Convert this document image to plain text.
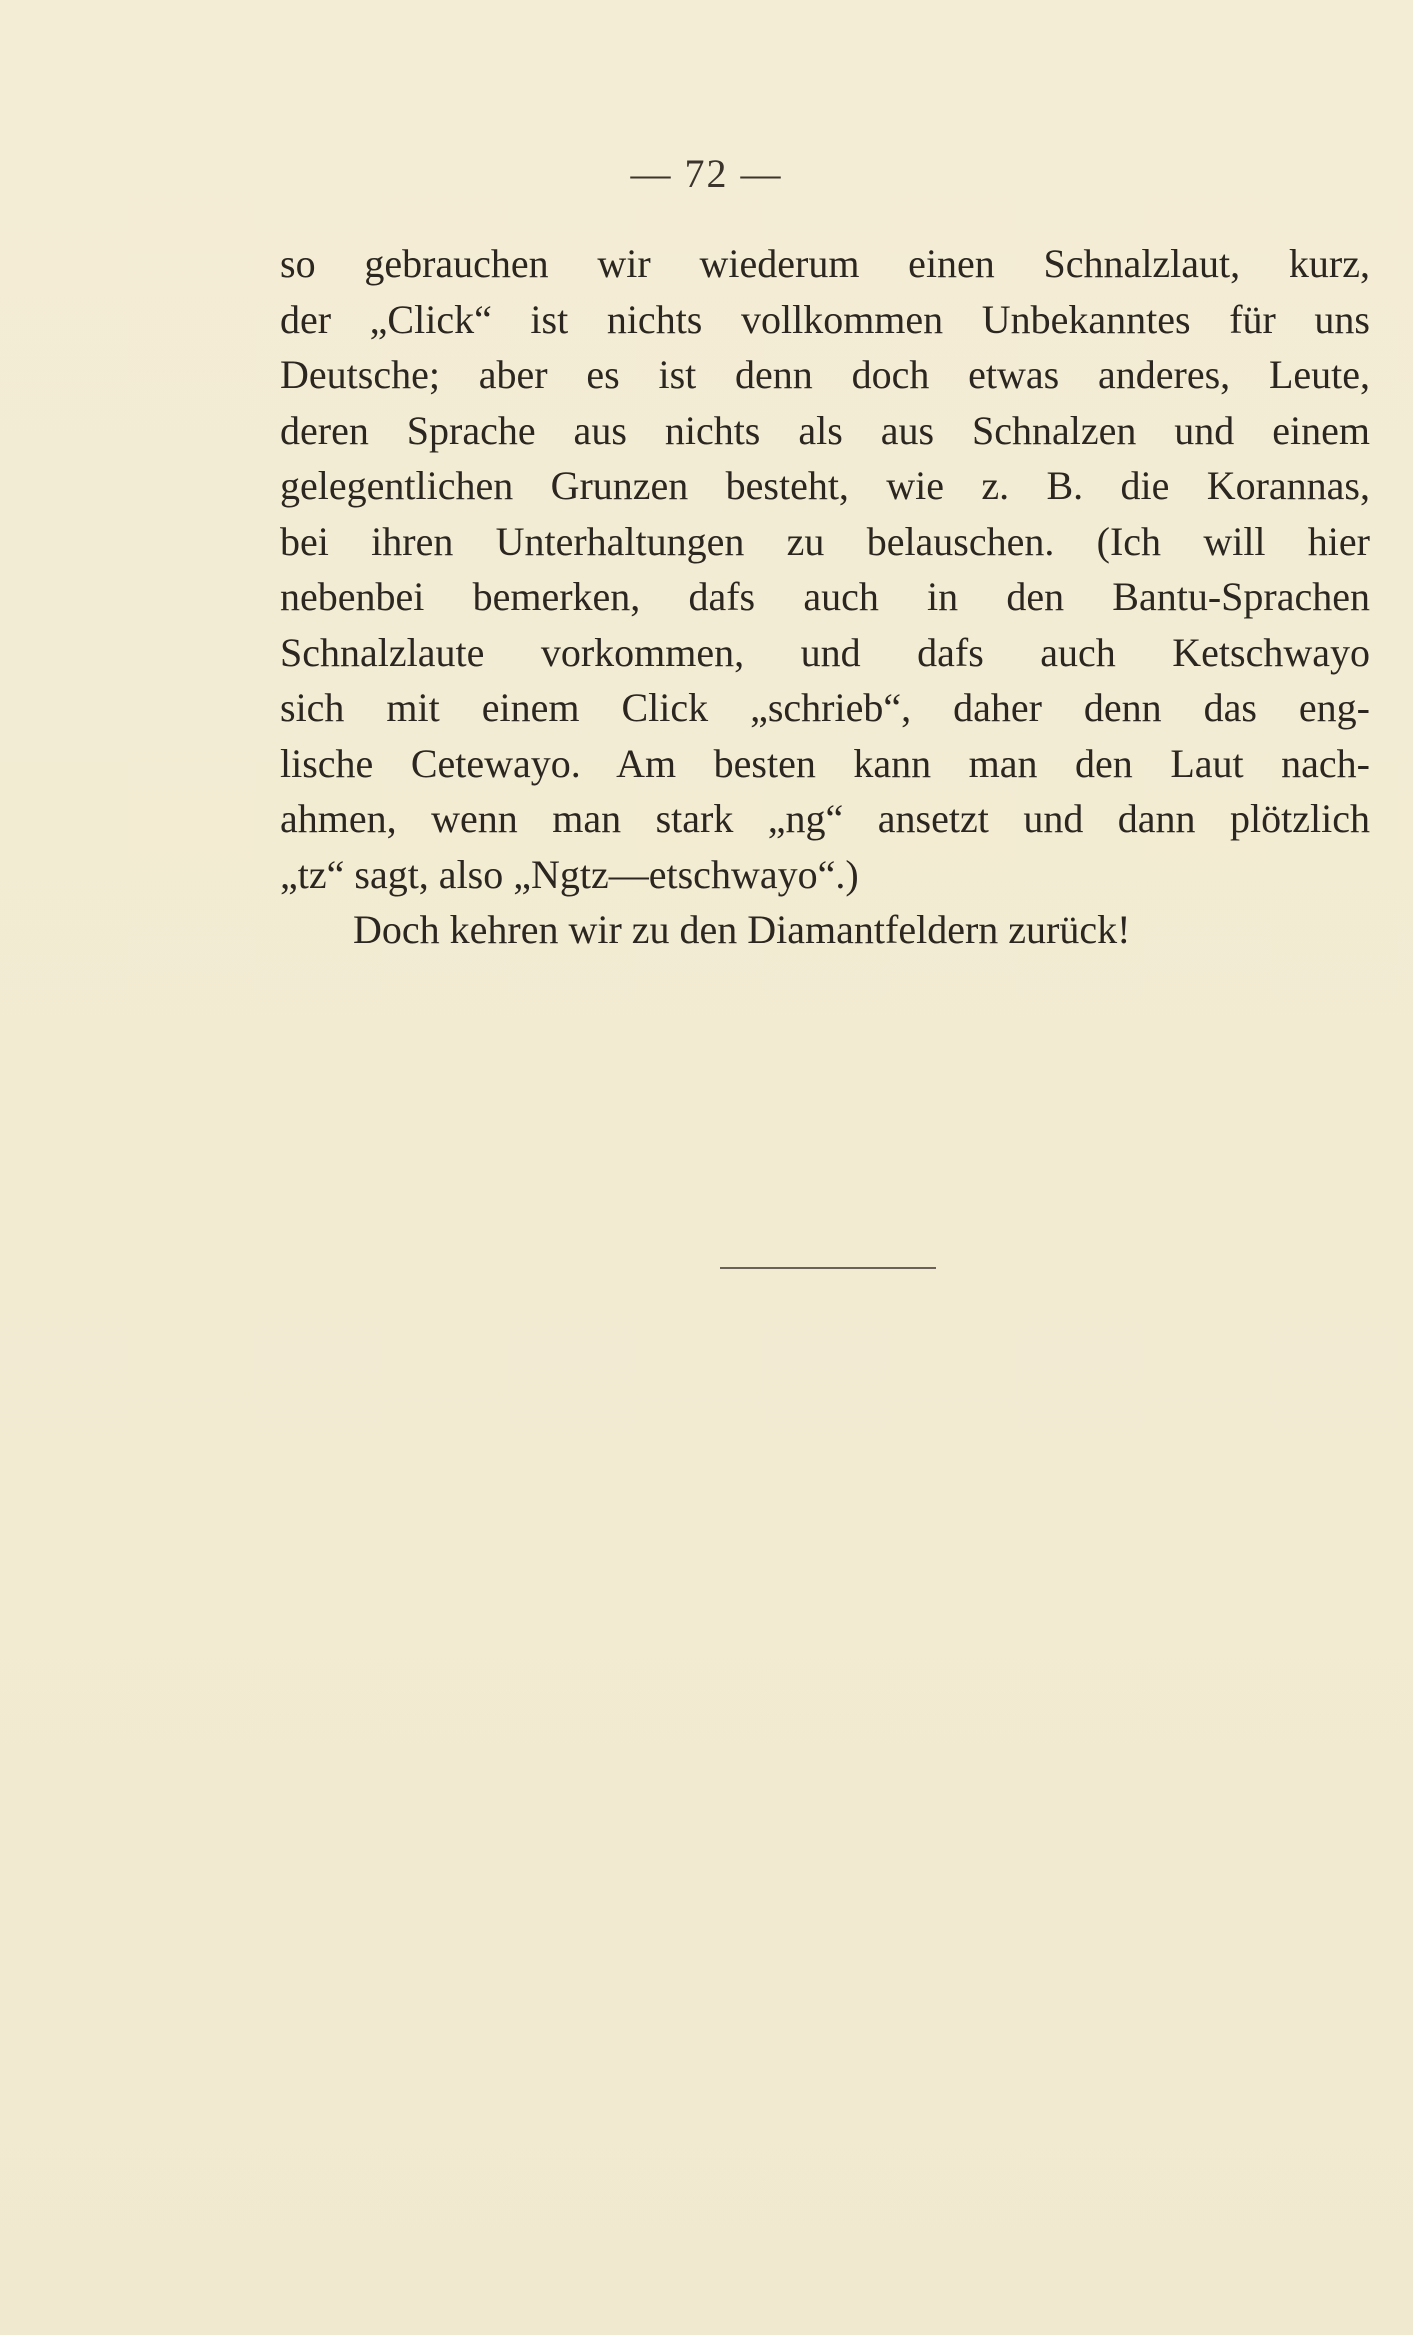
— 72 —
so gebrauchen wir wiederum einen Schnalzlaut, kurz,
der „Click“ ist nichts vollkommen Unbekanntes für uns
Deutsche; aber es ist denn doch etwas anderes, Leute,
deren Sprache aus nichts als aus Schnalzen und einem
gelegentlichen Grunzen besteht, wie z. B. die Korannas,
bei ihren Unterhaltungen zu belauschen. (Ich will hier
nebenbei bemerken, dafs auch in den Bantu-Sprachen
Schnalzlaute vorkommen, und dafs auch Ketschwayo
sich mit einem Click „schrieb“, daher denn das eng-
lische Cetewayo. Am besten kann man den Laut nach-
ahmen, wenn man stark „ng“ ansetzt und dann plötzlich
„tz“ sagt, also „Ngtz—etschwayo“.)
Doch kehren wir zu den Diamantfeldern zurück!
